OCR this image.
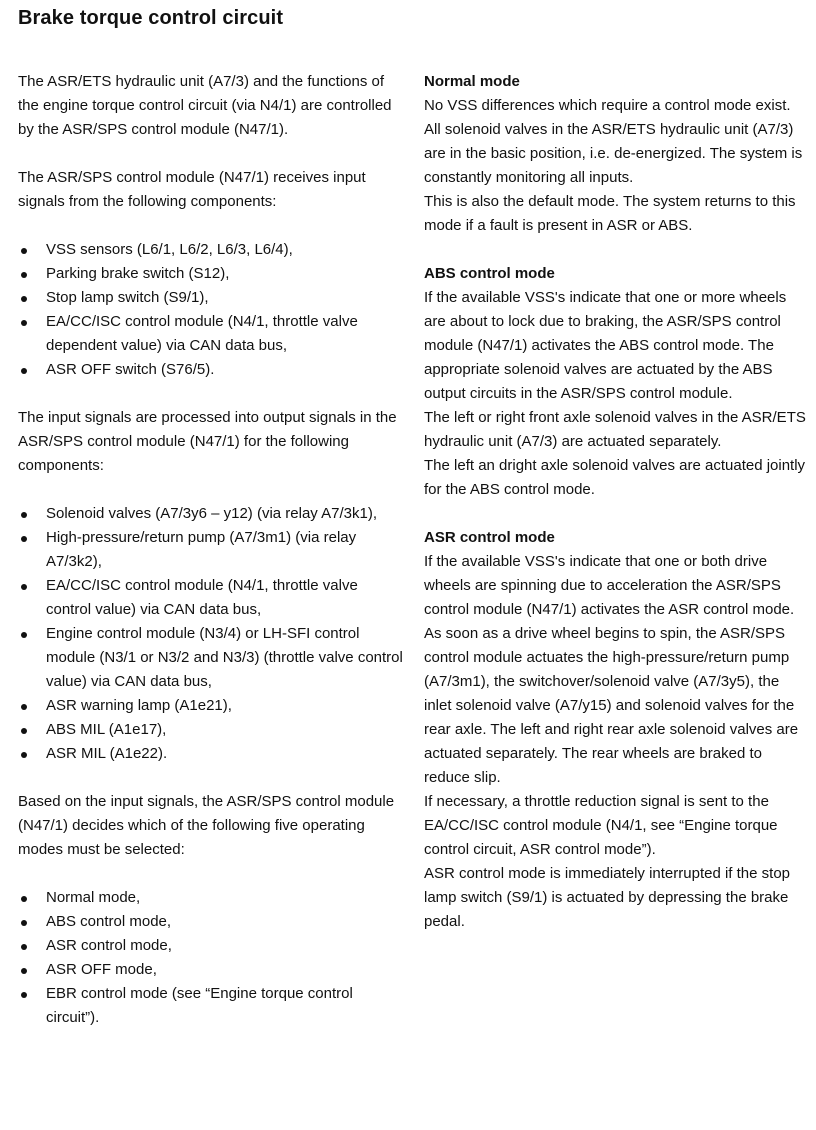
Brake torque control circuit

The ASR/ETS hydraulic unit (A7/3) and the functions of the engine torque control circuit (via N4/1) are controlled by the ASR/SPS control module (N47/1).

The ASR/SPS control module (N47/1) receives input signals from the following components:

VSS sensors (L6/1, L6/2, L6/3, L6/4),
Parking brake switch (S12),
Stop lamp switch (S9/1),
EA/CC/ISC control module (N4/1, throttle valve dependent value) via CAN data bus,
ASR OFF switch (S76/5).

The input signals are processed into output signals in the ASR/SPS control module (N47/1) for the following components:

Solenoid valves (A7/3y6 – y12) (via relay A7/3k1),
High-pressure/return pump (A7/3m1) (via relay A7/3k2),
EA/CC/ISC control module (N4/1, throttle valve control value) via CAN data bus,
Engine control module (N3/4) or LH-SFI control module (N3/1 or N3/2 and N3/3) (throttle valve control value) via CAN data bus,
ASR warning lamp (A1e21),
ABS MIL (A1e17),
ASR MIL (A1e22).

Based on the input signals, the ASR/SPS control module (N47/1) decides which of the following five operating modes must be selected:

Normal mode,
ABS control mode,
ASR control mode,
ASR OFF mode,
EBR control mode (see “Engine torque control circuit”).
Normal mode

No VSS differences which require a control mode exist.

All solenoid valves in the ASR/ETS hydraulic unit (A7/3) are in the basic position, i.e. de-energized. The system is constantly monitoring all inputs.

This is also the default mode. The system returns to this mode if a fault is present in ASR or ABS.

ABS control mode

If the available VSS's indicate that one or more wheels are about to lock due to braking, the ASR/SPS control module (N47/1) activates the ABS control mode. The appropriate solenoid valves are actuated by the ABS output circuits in the ASR/SPS control module.

The left or right front axle solenoid valves in the ASR/ETS hydraulic unit (A7/3) are actuated separately.

The left an dright axle solenoid valves are actuated jointly for the ABS control mode.

ASR control mode

If the available VSS's indicate that one or both drive wheels are spinning due to acceleration the ASR/SPS control module (N47/1) activates the ASR control mode.

As soon as a drive wheel begins to spin, the ASR/SPS control module actuates the high-pressure/return pump (A7/3m1), the switchover/solenoid valve (A7/3y5), the inlet solenoid valve (A7/y15) and solenoid valves for the rear axle. The left and right rear axle solenoid valves are actuated separately. The rear wheels are braked to reduce slip.

If necessary, a throttle reduction signal is sent to the EA/CC/ISC control module (N4/1, see “Engine torque control circuit, ASR control mode”).

ASR control mode is immediately interrupted if the stop lamp switch (S9/1) is actuated by depressing the brake pedal.
